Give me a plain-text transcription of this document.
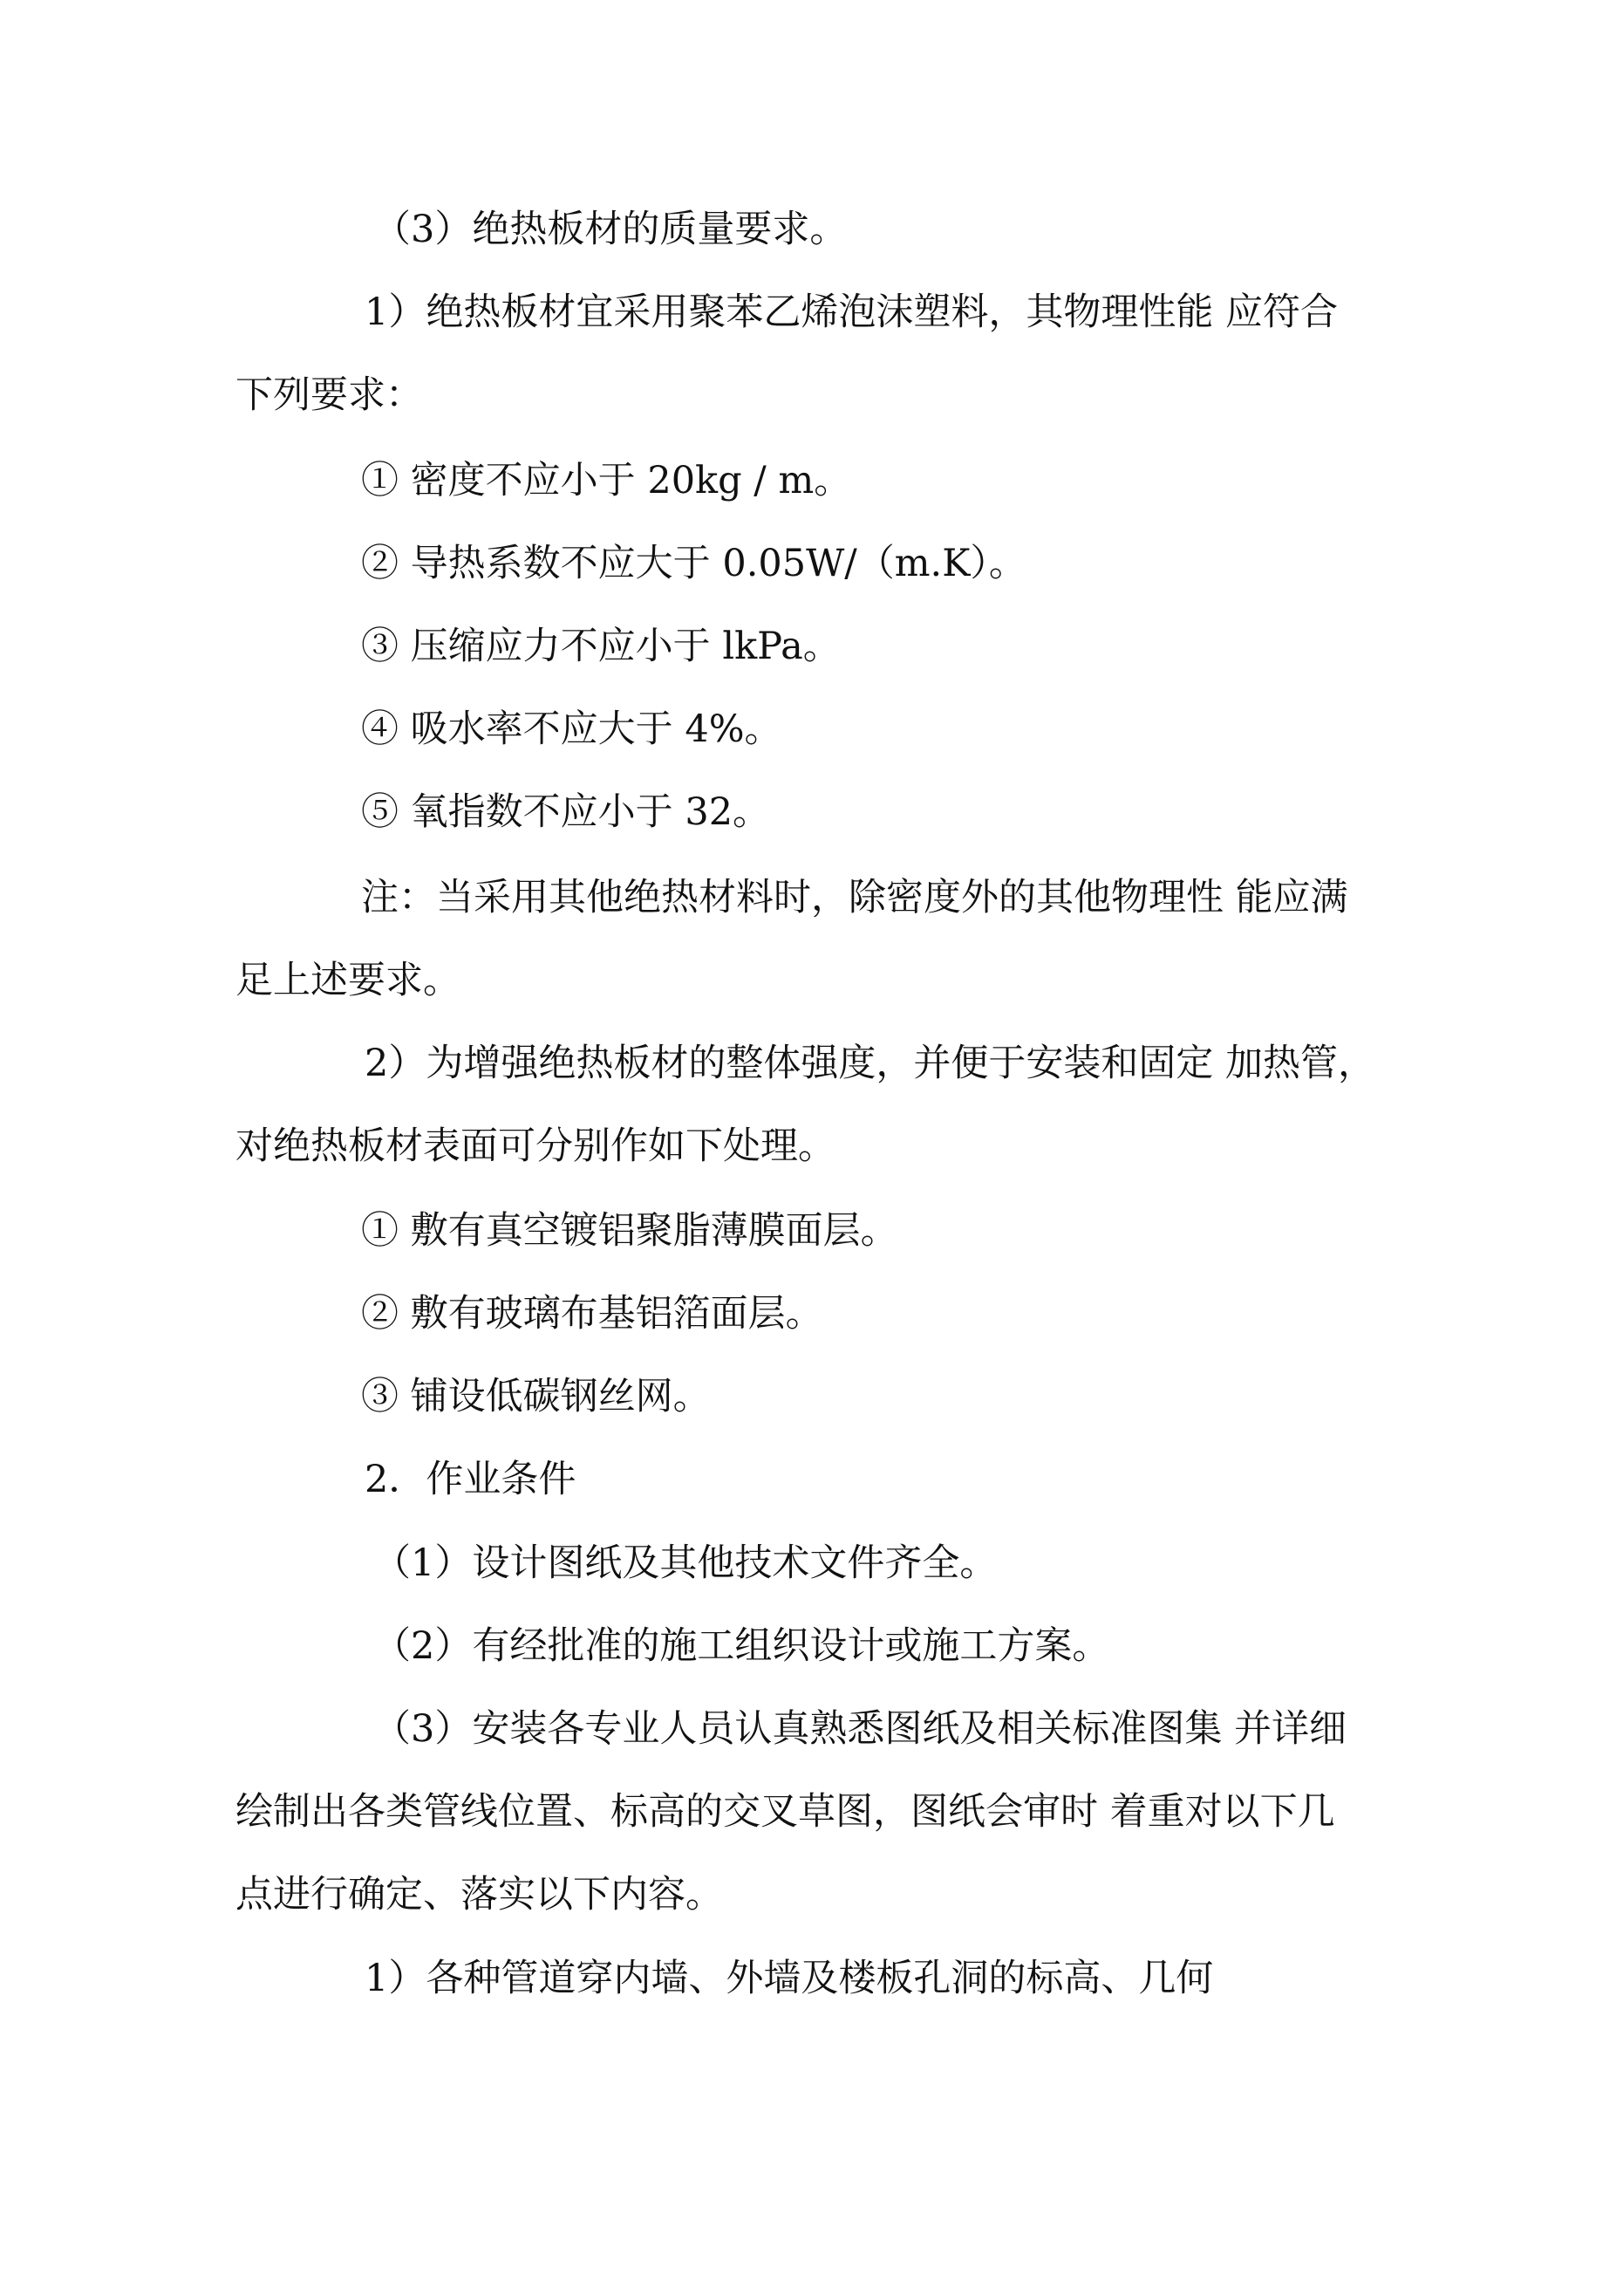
（3）绝热板材的质量要求。
1）绝热板材宜采用聚苯乙烯泡沫塑料，其物理性能 应符合
下列要求：
① 密度不应小于 20kg / m。
② 导热系数不应大于 0.05W/（m.K）。
③ 压缩应力不应小于 lkPa。
④ 吸水率不应大于 4%。
⑤ 氧指数不应小于 32。
注：当采用其他绝热材料时，除密度外的其他物理性 能应满
足上述要求。
2）为增强绝热板材的整体强度，并便于安装和固定 加热管，
对绝热板材表面可分别作如下处理。
① 敷有真空镀铝聚脂薄膜面层。
② 敷有玻璃布基铝箔面层。
③ 铺设低碳钢丝网。
2．作业条件
（1）设计图纸及其他技术文件齐全。
（2）有经批准的施工组织设计或施工方案。
（3）安装各专业人员认真熟悉图纸及相关标准图集 并详细
绘制出各类管线位置、标高的交叉草图，图纸会审时 着重对以下几
点进行确定、落实以下内容。
1）各种管道穿内墙、外墙及楼板孔洞的标高、几何
